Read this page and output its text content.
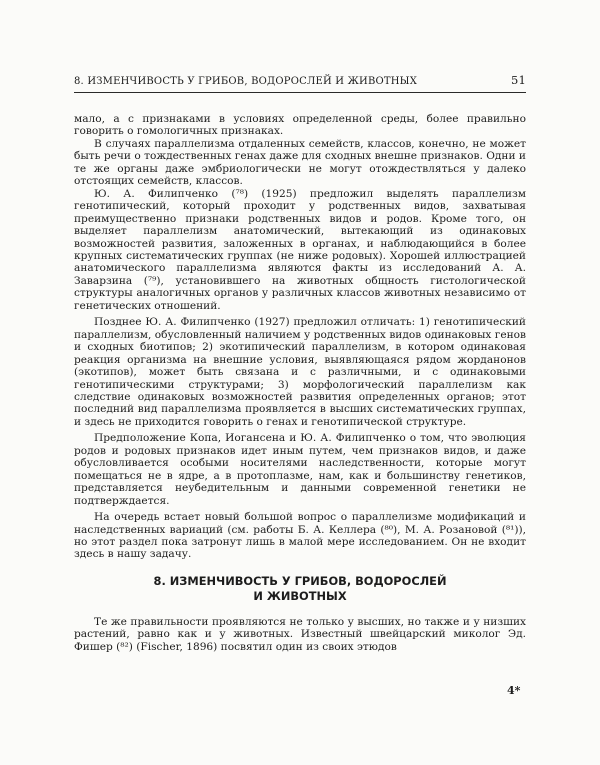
8. ИЗМЕНЧИВОСТЬ У ГРИБОВ, ВОДОРОСЛЕЙ И ЖИВОТНЫХ	51

мало, а с признаками в условиях определенной среды, более правильно говорить о гомологичных признаках.

В случаях параллелизма отдаленных семейств, классов, конечно, не может быть речи о тождественных генах даже для сходных внешне признаков. Одни и те же органы даже эмбриологически не могут отождествляться у далеко отстоящих семейств, классов.

Ю. А. Филипченко (⁷⁸) (1925) предложил выделять параллелизм генотипический, который проходит у родственных видов, захватывая преимущественно признаки родственных видов и родов. Кроме того, он выделяет параллелизм анатомический, вытекающий из одинаковых возможностей развития, заложенных в органах, и наблюдающийся в более крупных систематических группах (не ниже родовых). Хорошей иллюстрацией анатомического параллелизма являются факты из исследований А. А. Заварзина (⁷⁹), установившего на животных общность гистологической структуры аналогичных органов у различных классов животных независимо от генетических отношений.

Позднее Ю. А. Филипченко (1927) предложил отличать: 1) генотипический параллелизм, обусловленный наличием у родственных видов одинаковых генов и сходных биотипов; 2) экотипический параллелизм, в котором одинаковая реакция организма на внешние условия, выявляющаяся рядом жорданонов (экотипов), может быть связана и с различными, и с одинаковыми генотипическими структурами; 3) морфологический параллелизм как следствие одинаковых возможностей развития определенных органов; этот последний вид параллелизма проявляется в высших систематических группах, и здесь не приходится говорить о генах и генотипической структуре.

Предположение Копа, Иогансена и Ю. А. Филипченко о том, что эволюция родов и родовых признаков идет иным путем, чем признаков видов, и даже обусловливается особыми носителями наследственности, которые могут помещаться не в ядре, а в протоплазме, нам, как и большинству генетиков, представляется неубедительным и данными современной генетики не подтверждается.

На очередь встает новый большой вопрос о параллелизме модификаций и наследственных вариаций (см. работы Б. А. Келлера (⁸⁰), М. А. Розановой (⁸¹)), но этот раздел пока затронут лишь в малой мере исследованием. Он не входит здесь в нашу задачу.

8. ИЗМЕНЧИВОСТЬ У ГРИБОВ, ВОДОРОСЛЕЙ
И ЖИВОТНЫХ

Те же правильности проявляются не только у высших, но также и у низших растений, равно как и у животных. Известный швейцарский миколог Эд. Фишер (⁸²) (Fischer, 1896) посвятил один из своих этюдов

4*
